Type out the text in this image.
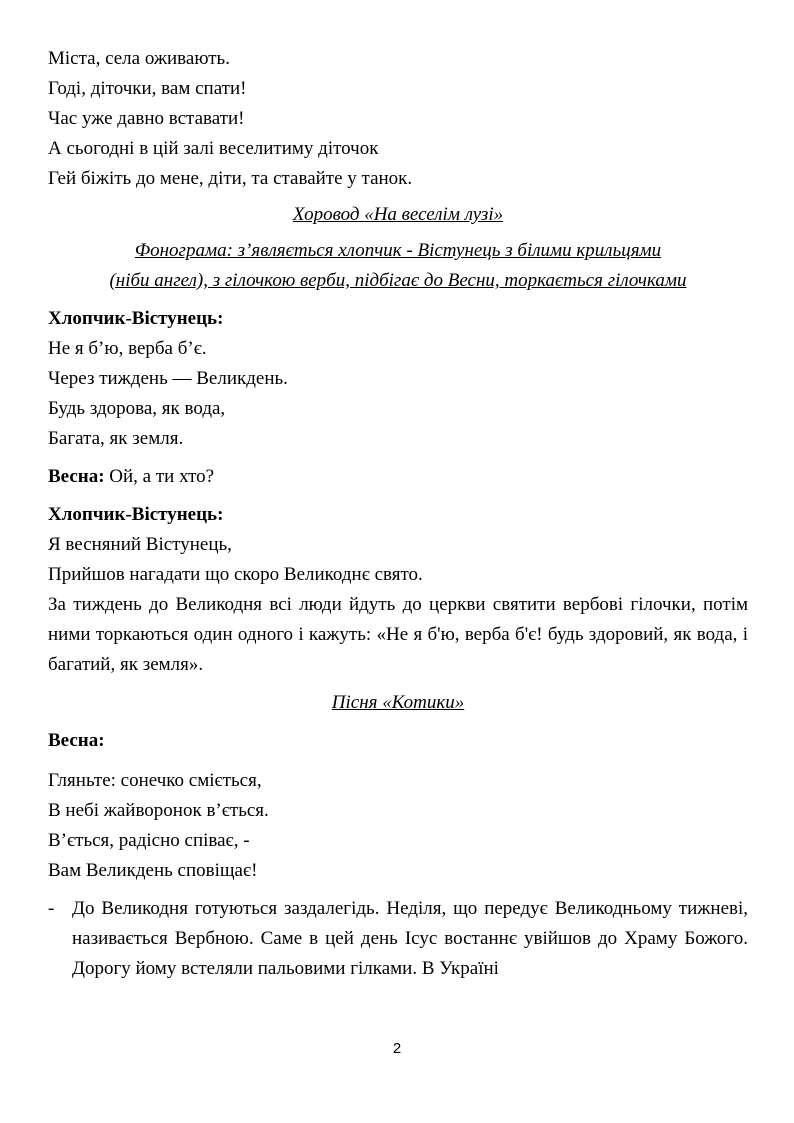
Міста, села оживають.
Годі, діточки, вам спати!
Час уже давно вставати!
А сьогодні в цій залі веселитиму діточок
Гей біжіть до мене, діти, та ставайте у танок.
Хоровод «На веселім лузі»
Фонограма: з’являється хлопчик - Вістунець з білими крильцями
(ніби ангел), з гілочкою верби, підбігає до Весни, торкається гілочками
Хлопчик-Вістунець:
Не я б’ю, верба б’є.
Через тиждень — Великдень.
Будь здорова, як вода,
Багата, як земля.
Весна: Ой, а ти хто?
Хлопчик-Вістунець:
Я весняний Вістунець,
Прийшов нагадати що скоро Великоднє свято.
За тиждень до Великодня всі люди йдуть до церкви святити вербові гілочки, потім ними торкаються один одного і кажуть: «Не я б'ю, верба б'є! будь здоровий, як вода, і багатий, як земля».
Пісня «Котики»
Весна:
Гляньте: сонечко сміється,
В небі жайворонок в’ється.
В’ється, радісно співає, -
Вам Великдень сповіщає!
- До Великодня готуються заздалегідь. Неділя, що передує Великодньому тижневі, називається Вербною. Саме в цей день Ісус востаннє увійшов до Храму Божого. Дорогу йому встеляли пальовими гілками. В Україні
2
